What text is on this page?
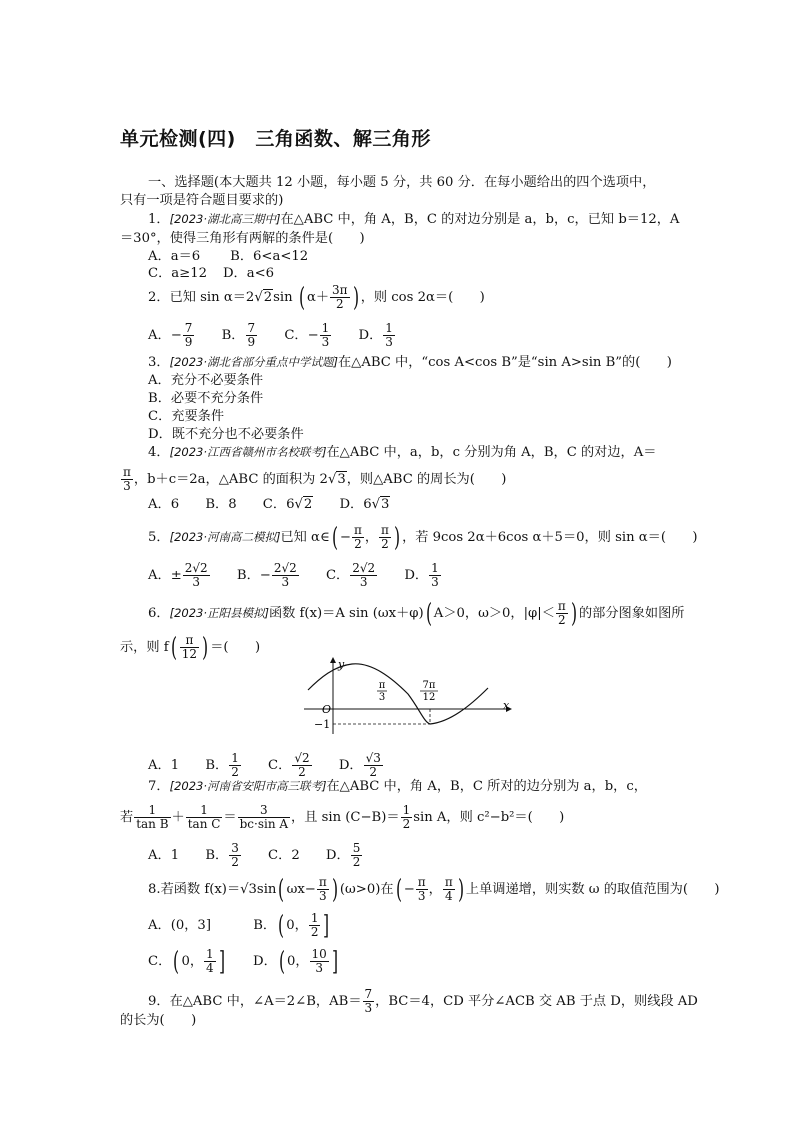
单元检测(四)　三角函数、解三角形
一、选择题(本大题共 12 小题，每小题 5 分，共 60 分．在每小题给出的四个选项中，
只有一项是符合题目要求的)
1．[2023·湖北高三期中]在△ABC 中，角 A，B，C 的对边分别是 a，b，c，已知 b＝12，A
＝30°，使得三角形有两解的条件是(　　)
A．a＝6 B．6<a<12
C．a≥12 D．a<6
2．已知 sin α＝2√2sin ( $\alpha+ \frac{3\pi}{2}$ ) ，则 cos 2α＝(　　)
A．− $\frac{7}{9}$ B． $\frac{7}{9}$ C．− $\frac{1}{3}$ D． $\frac{1}{3}$
3．[2023·湖北省部分重点中学试题]在△ABC 中，“cos A<cos B”是“sin A>sin B”的(　　)
A．充分不必要条件
B．必要不充分条件
C．充要条件
D．既不充分也不必要条件
4．[2023·江西省赣州市名校联考]在△ABC 中，a，b，c 分别为角 A，B，C 的对边，A＝
$\frac{\pi}{3}$ ，b＋c＝2a，△ABC 的面积为 2√3，则△ABC 的周长为(　　)
A．6 B．8 C．6√2 D．6√3
5．[2023·河南高二模拟]已知 α∈( − $\frac{\pi}{2}$ ， $\frac{\pi}{2}$ ) ，若 9cos 2α＋6cos α＋5＝0，则 sin α＝(　　)
A．± $\frac{2√2}{3}$ B．− $\frac{2√2}{3}$ C． $\frac{2√2}{3}$ D． $\frac{1}{3}$
6．[2023·正阳县模拟]函数 f(x)＝A sin (ωx＋φ)( A＞0，ω＞0，$|\varphi|< \frac{\pi}{2}$ ) 的部分图象如图所
示，则 $f( \frac{\pi}{12}$ ) ＝(　　)
y
x
O
−1
π
3
7π
12
A．1 B． $\frac{1}{2}$ C． $\frac{√2}{2}$ D． $\frac{√3}{2}$
7．[2023·河南省安阳市高三联考]在△ABC 中，角 A，B，C 所对的边分别为 a，b，c，
若 $\frac{1}{\text{tan B}} + \frac{1}{\text{tan C}} = \frac{3}{\text{bc·sin A}}$ ，且 $\sin (C-B)= \frac{1}{2}$ sin A，则 c²−b²＝(　　)
A．1 B． $\frac{3}{2}$ C．2 D． $\frac{5}{2}$
8.若函数 f(x)＝√3sin( $\omega x- \frac{\pi}{3}$ ) (ω>0)在( − $\frac{\pi}{3}$ ， $\frac{\pi}{4}$ ) 上单调递增，则实数 ω 的取值范围为(　　)
A．(0，3]	B．( 0， $\frac{1}{2}$ ]
C．( 0， $\frac{1}{4}$ ] D．( 0， $\frac{10}{3}$ ]
9．在△ABC 中，∠A＝2∠B，$AB= \frac{7}{3}$ ，BC＝4，CD 平分∠ACB 交 AB 于点 D，则线段 AD
的长为(　　)
